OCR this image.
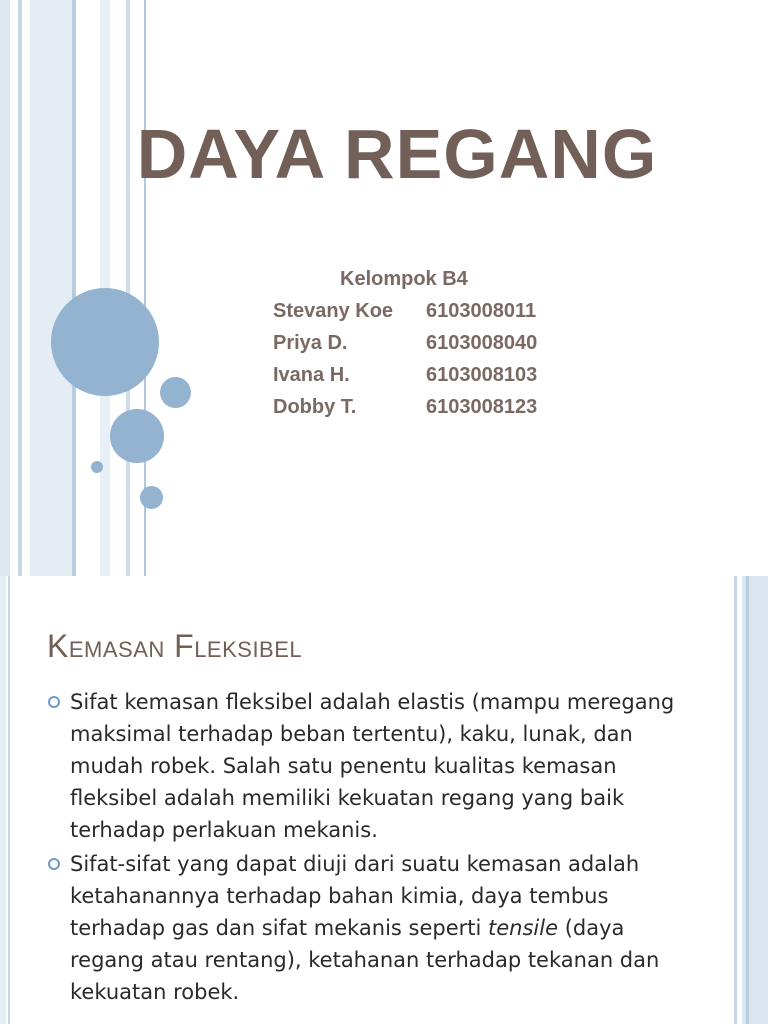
DAYA REGANG
Kelompok B4
Stevany Koe 6103008011
Priya D.	6103008040
Ivana H.	6103008103
Dobby T.	6103008123
Kemasan Fleksibel
Sifat kemasan fleksibel adalah elastis (mampu meregang maksimal terhadap beban tertentu), kaku, lunak, dan mudah robek. Salah satu penentu kualitas kemasan fleksibel adalah memiliki kekuatan regang yang baik terhadap perlakuan mekanis.
Sifat-sifat yang dapat diuji dari suatu kemasan adalah ketahanannya terhadap bahan kimia, daya tembus terhadap gas dan sifat mekanis seperti tensile (daya regang atau rentang), ketahanan terhadap tekanan dan kekuatan robek.
